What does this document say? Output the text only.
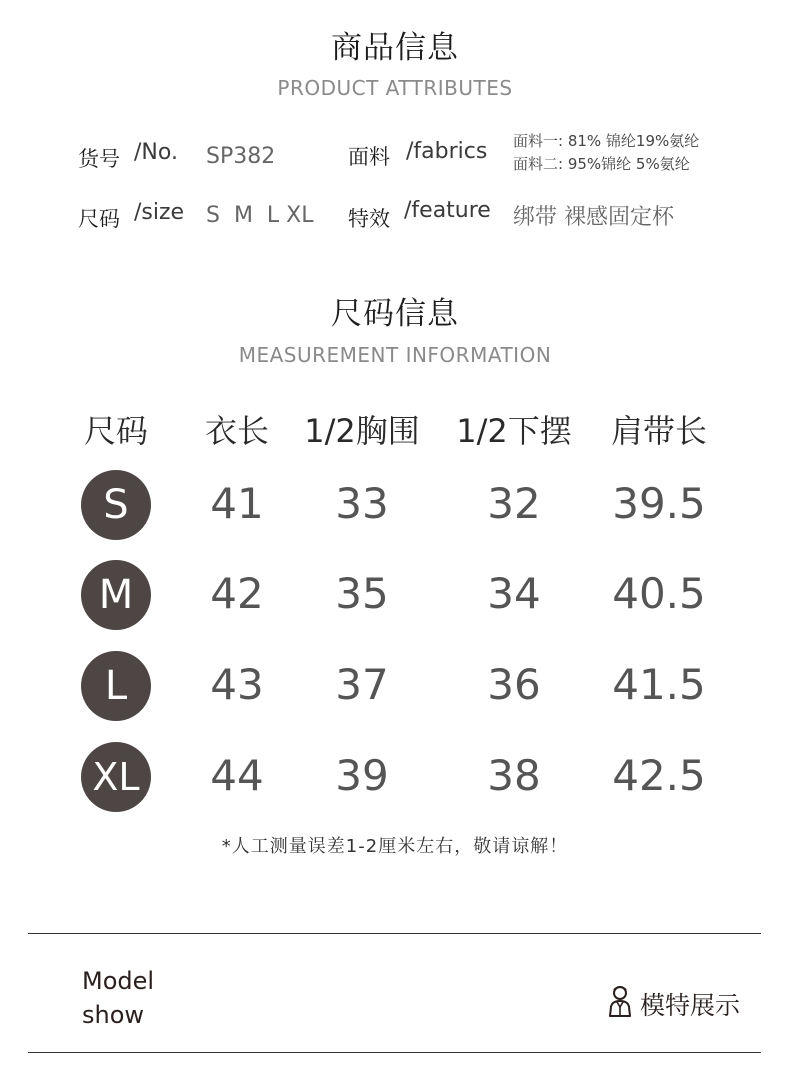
商品信息
PRODUCT ATTRIBUTES
货号 /No. SP382	面料 /fabrics 面料一: 81% 锦纶19%氨纶
面料二: 95%锦纶 5%氨纶
尺码 /size S  M  L XL 特效 /feature 绑带 裸感固定杯
尺码信息
MEASUREMENT INFORMATION
尺码	衣长	1/2胸围	1/2下摆	肩带长
S	41	33	32	39.5
M	42	35	34	40.5
L	43	37	36	41.5
XL	44	39	38	42.5
*人工测量误差1-2厘米左右，敬请谅解！
Model
show	模特展示
